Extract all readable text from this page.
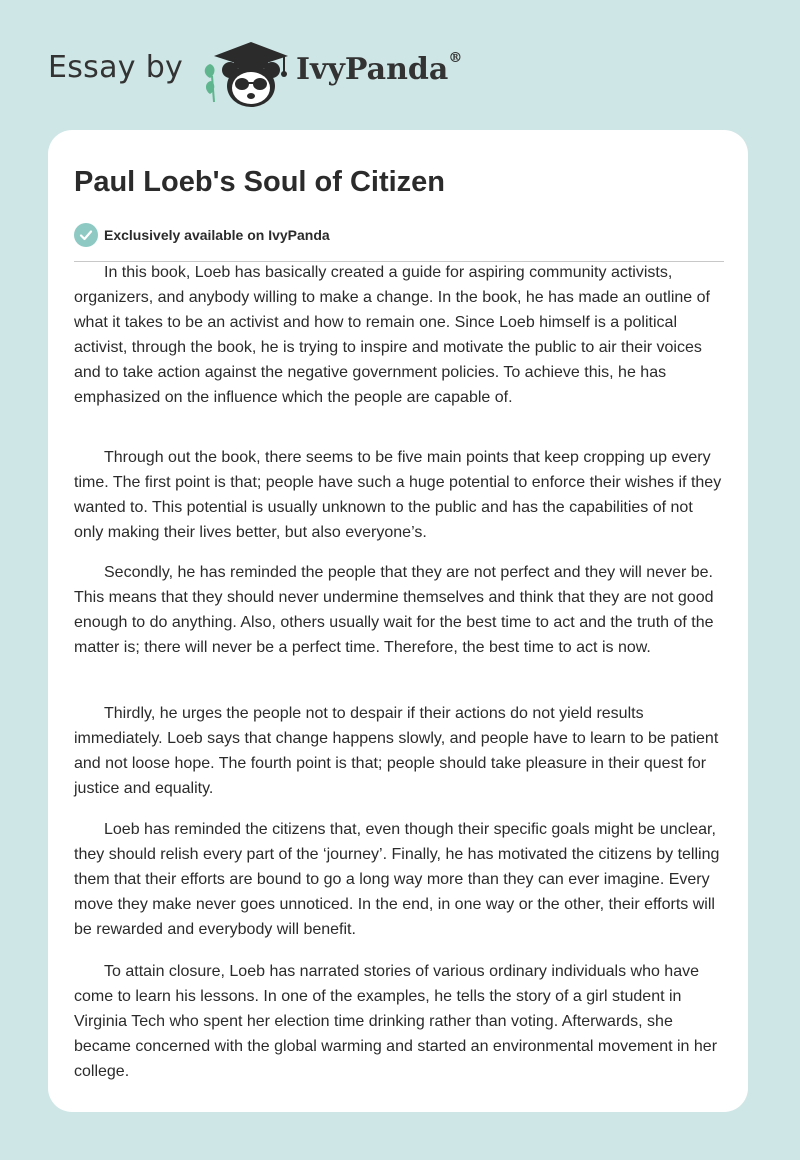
Essay by	IvyPanda®
Paul Loeb's Soul of Citizen
Exclusively available on IvyPanda

In this book, Loeb has basically created a guide for aspiring community activists, organizers, and anybody willing to make a change. In the book, he has made an outline of what it takes to be an activist and how to remain one. Since Loeb himself is a political activist, through the book, he is trying to inspire and motivate the public to air their voices and to take action against the negative government policies. To achieve this, he has emphasized on the influence which the people are capable of.

Through out the book, there seems to be five main points that keep cropping up every time. The first point is that; people have such a huge potential to enforce their wishes if they wanted to. This potential is usually unknown to the public and has the capabilities of not only making their lives better, but also everyone’s.

Secondly, he has reminded the people that they are not perfect and they will never be. This means that they should never undermine themselves and think that they are not good enough to do anything. Also, others usually wait for the best time to act and the truth of the matter is; there will never be a perfect time. Therefore, the best time to act is now.

Thirdly, he urges the people not to despair if their actions do not yield results immediately. Loeb says that change happens slowly, and people have to learn to be patient and not loose hope. The fourth point is that; people should take pleasure in their quest for justice and equality.

Loeb has reminded the citizens that, even though their specific goals might be unclear, they should relish every part of the ‘journey’. Finally, he has motivated the citizens by telling them that their efforts are bound to go a long way more than they can ever imagine. Every move they make never goes unnoticed. In the end, in one way or the other, their efforts will be rewarded and everybody will benefit.

To attain closure, Loeb has narrated stories of various ordinary individuals who have come to learn his lessons. In one of the examples, he tells the story of a girl student in Virginia Tech who spent her election time drinking rather than voting. Afterwards, she became concerned with the global warming and started an environmental movement in her college.
